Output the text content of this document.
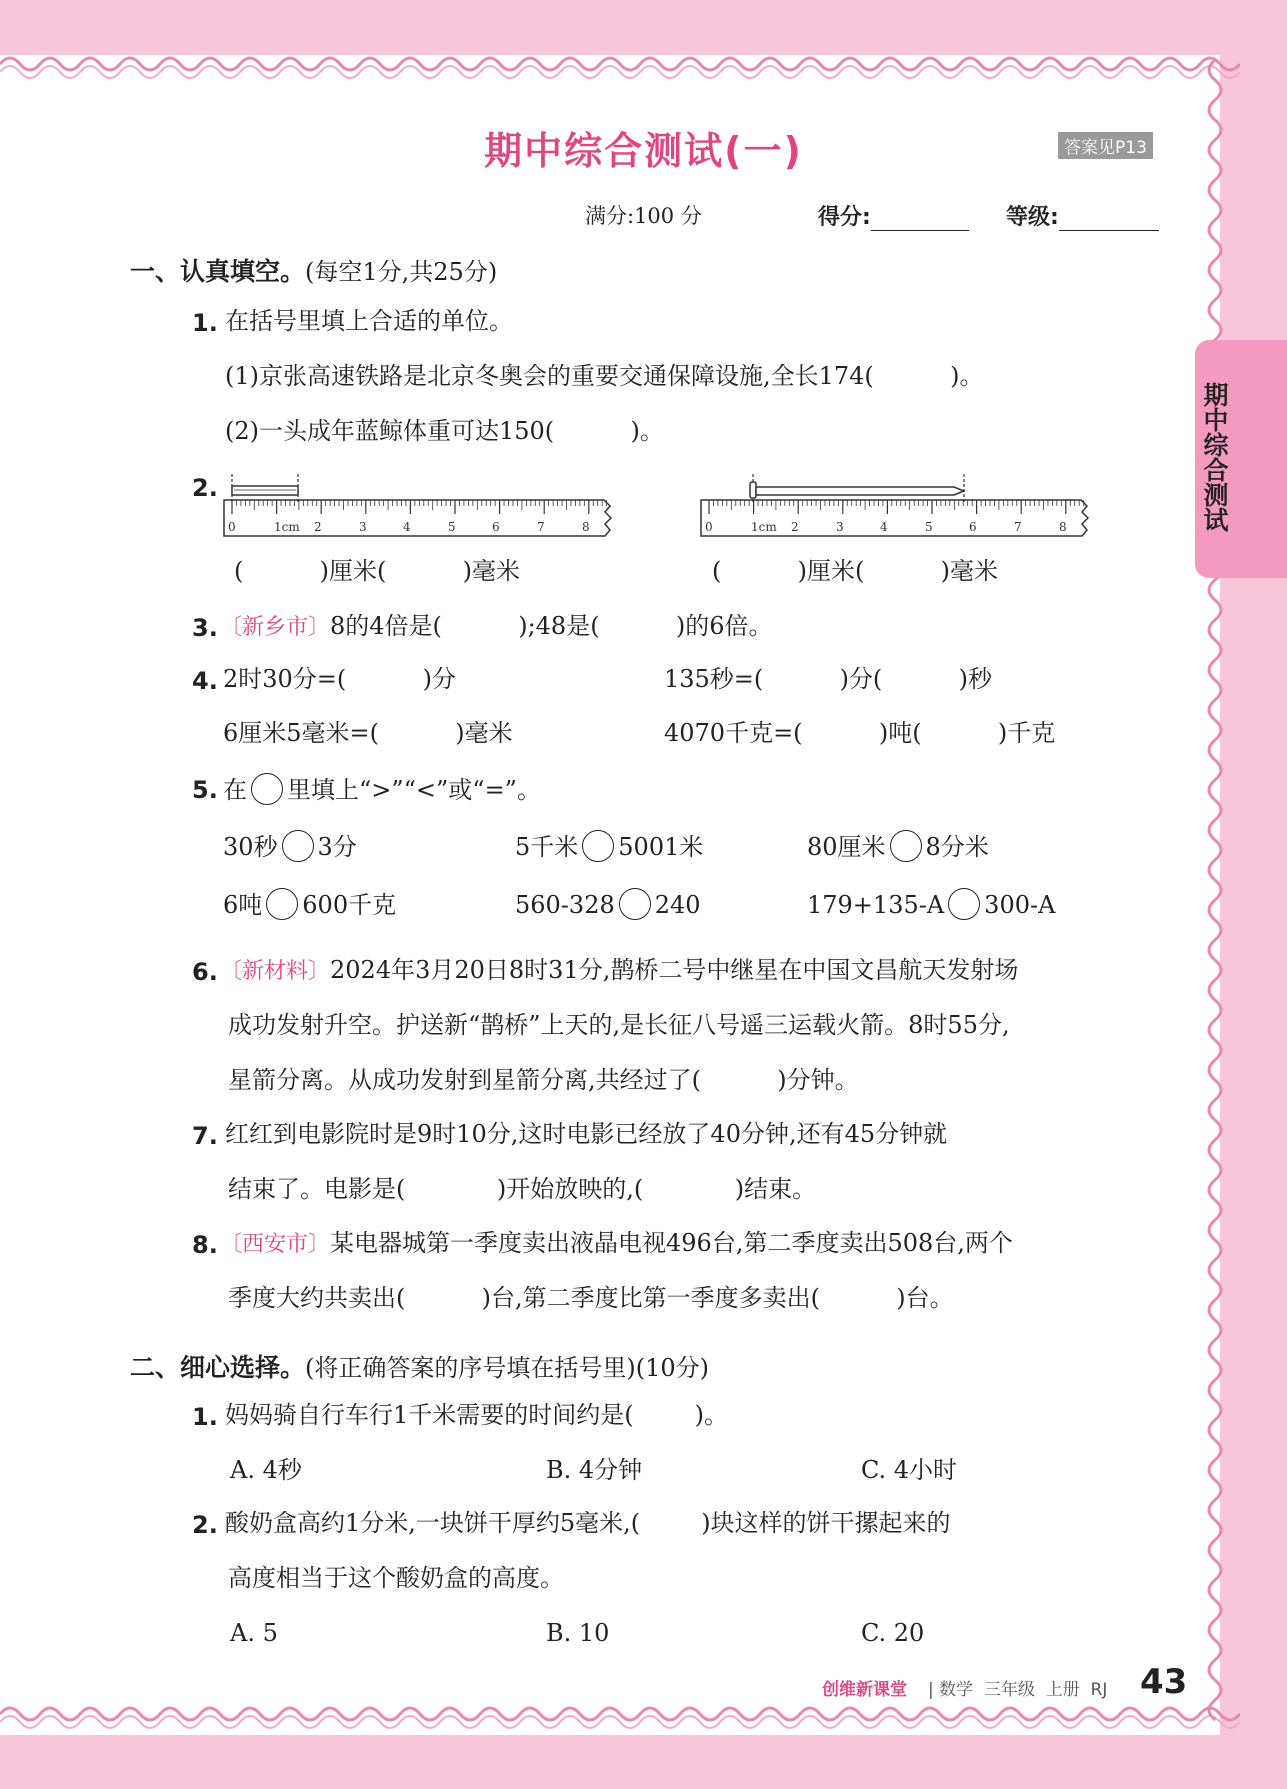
期中综合测试(一)	答案见P13
满分:100 分	得分:	等级:
期中综合测试
一、认真填空。(每空1分,共25分)
1. 在括号里填上合适的单位。
(1)京张高速铁路是北京冬奥会的重要交通保障设施,全长174(          )。
(2)一头成年蓝鲸体重可达150(          )。
2.
0	1cm 2	3	4	5	6	7	8	0	1cm 2	3	4	5	6	7	8
(          )厘米(          )毫米	(          )厘米(          )毫米
3. 〔新乡市〕8的4倍是(          );48是(          )的6倍。
4. 2时30分=(          )分	135秒=(          )分(          )秒
6厘米5毫米=(          )毫米	4070千克=(          )吨(          )千克
5. 在 里填上“>”“<”或“=”。
30秒 3分	5千米 5001米	80厘米 8分米
6吨 600千克	560-328 240	179+135-A 300-A
6. 〔新材料〕2024年3月20日8时31分,鹊桥二号中继星在中国文昌航天发射场
成功发射升空。护送新“鹊桥”上天的,是长征八号遥三运载火箭。8时55分,
星箭分离。从成功发射到星箭分离,共经过了(          )分钟。
7. 红红到电影院时是9时10分,这时电影已经放了40分钟,还有45分钟就
结束了。电影是(            )开始放映的,(            )结束。
8. 〔西安市〕某电器城第一季度卖出液晶电视496台,第二季度卖出508台,两个
季度大约共卖出(          )台,第二季度比第一季度多卖出(          )台。
二、细心选择。(将正确答案的序号填在括号里)(10分)
1. 妈妈骑自行车行1千米需要的时间约是(        )。
A. 4秒	B. 4分钟	C. 4小时
2. 酸奶盒高约1分米,一块饼干厚约5毫米,(        )块这样的饼干摞起来的
高度相当于这个酸奶盒的高度。
A. 5	B. 10	C. 20
创维新课堂 | 数学  三年级  上册  RJ 43
